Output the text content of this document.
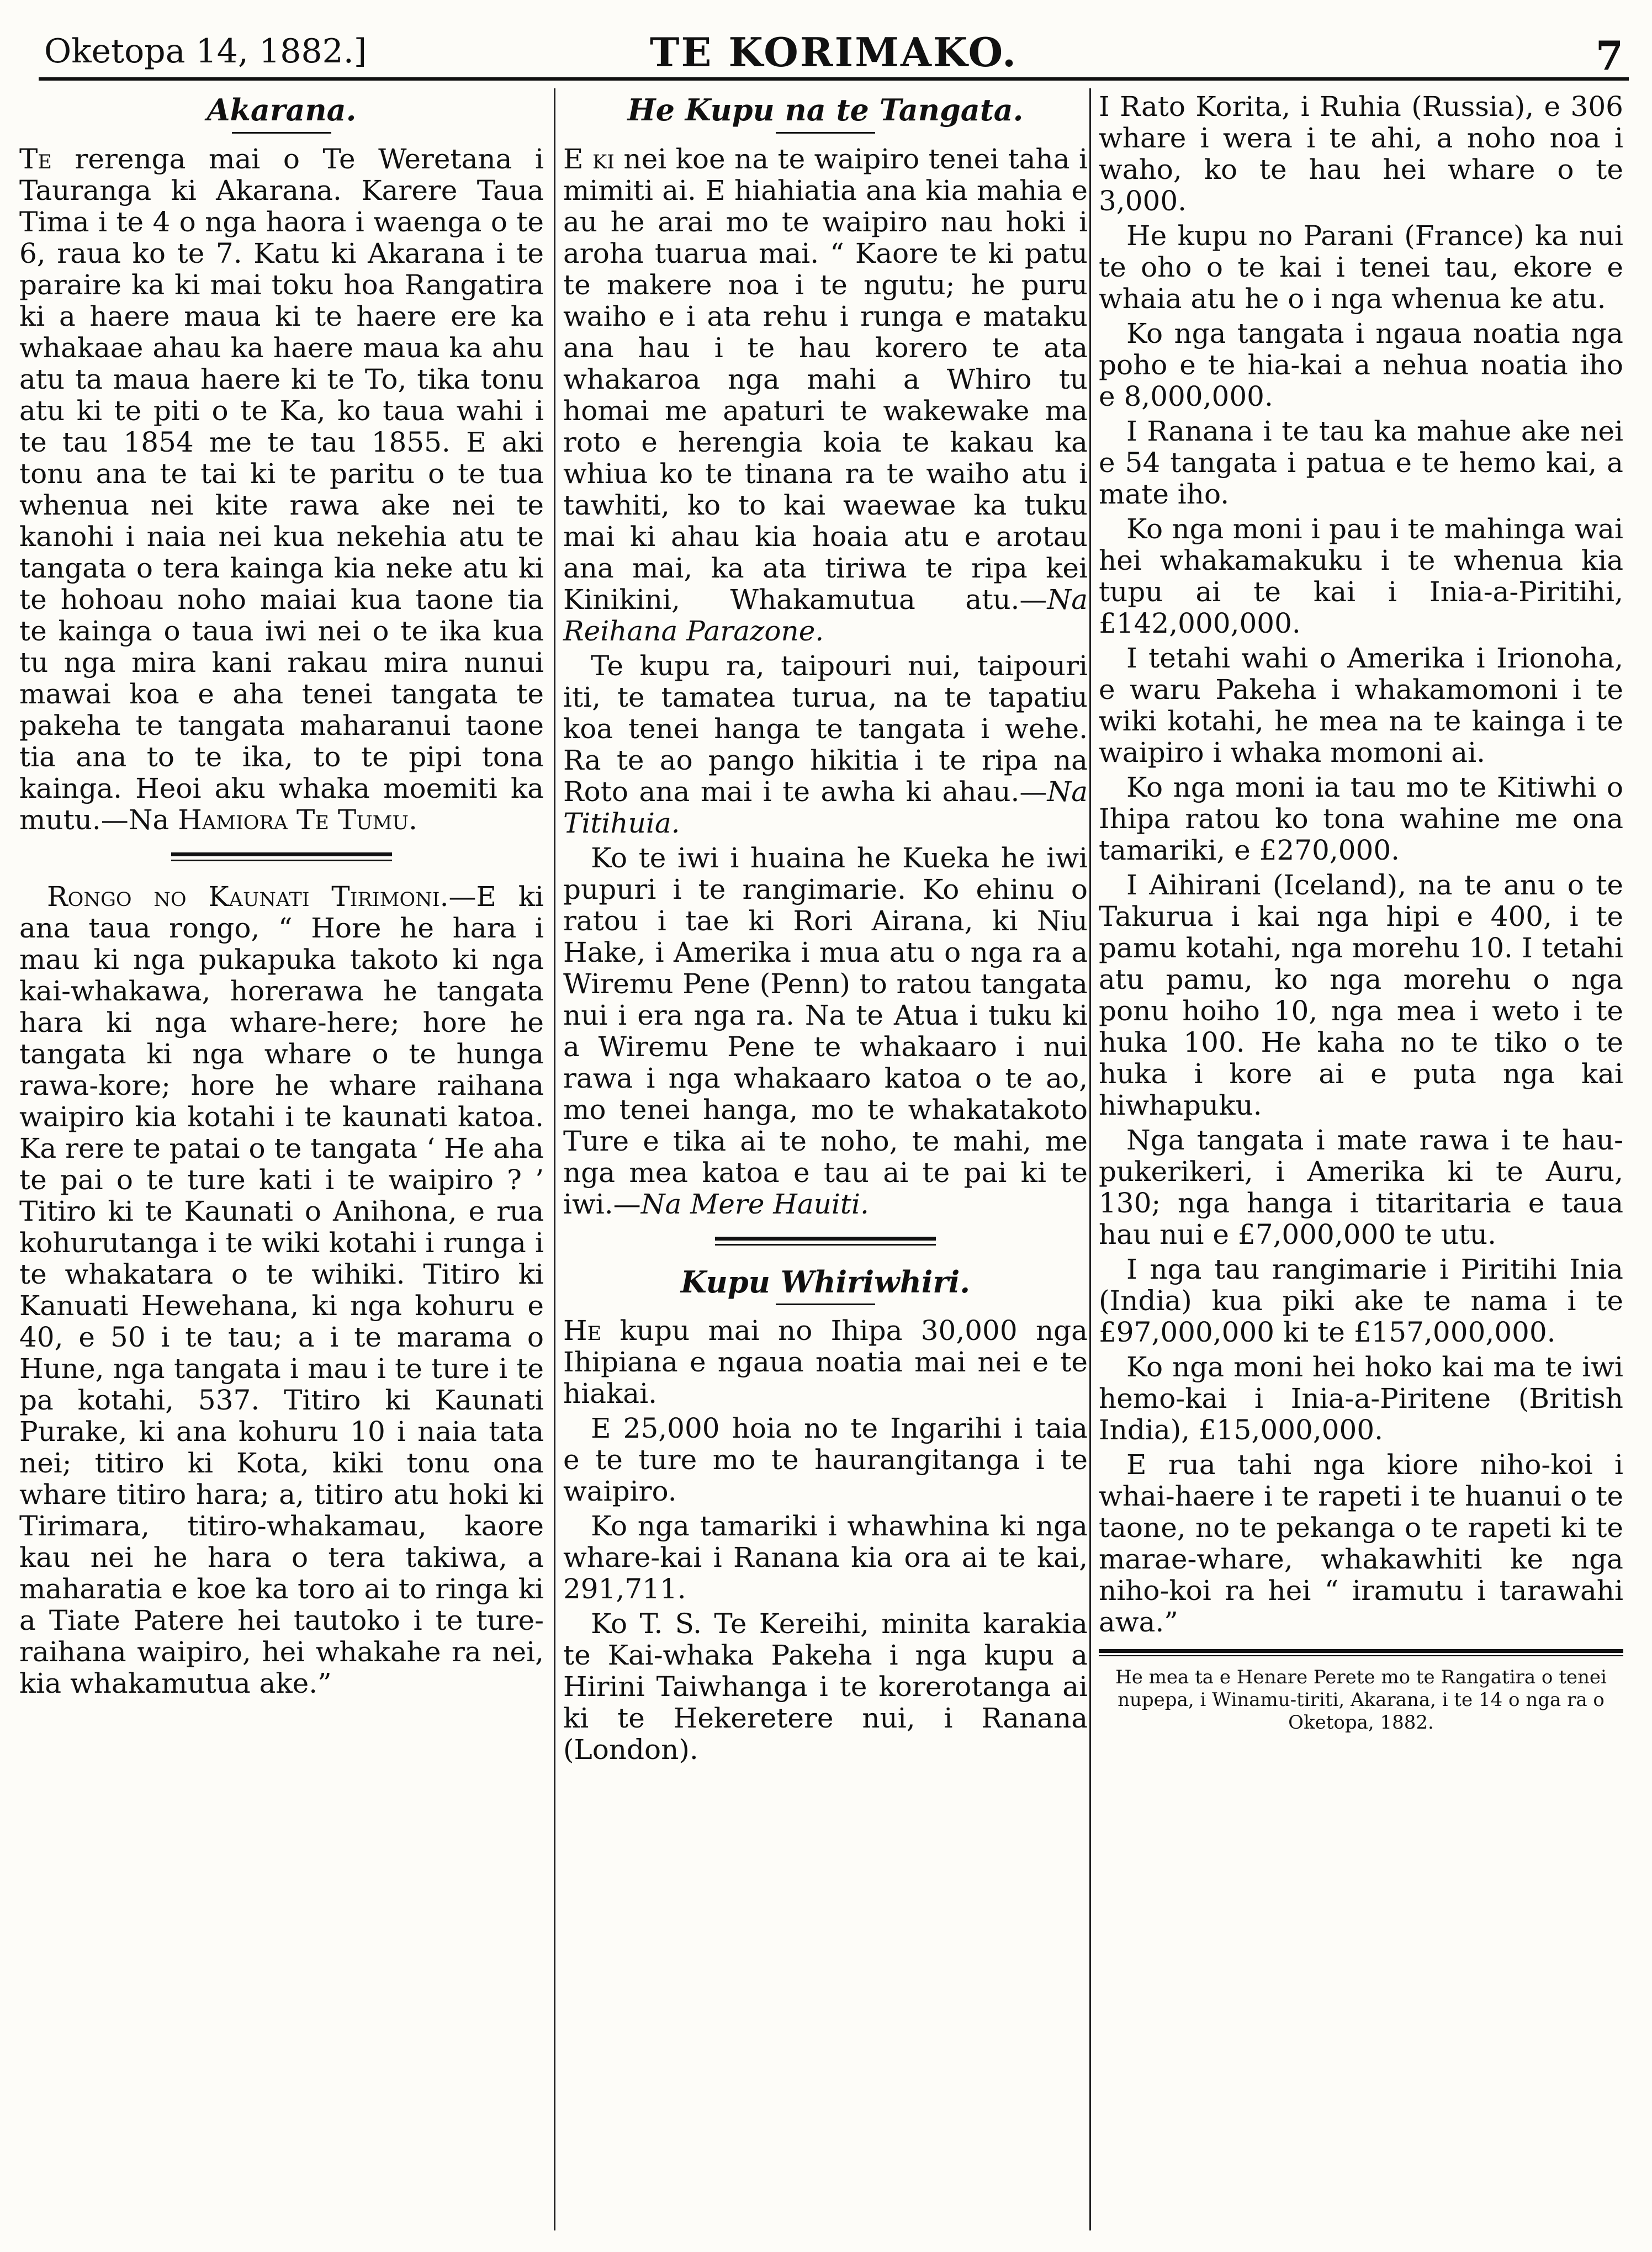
Oketopa 14, 1882.]	TE KORIMAKO.	7
Akarana.

Te rerenga mai o Te Weretana i Tauranga ki Akarana. Karere Taua Tima i te 4 o nga haora i waenga o te 6, raua ko te 7. Katu ki Akarana i te paraire ka ki mai toku hoa Rangatira ki a haere maua ki te haere ere ka whakaae ahau ka haere maua ka ahu atu ta maua haere ki te To, tika tonu atu ki te piti o te Ka, ko taua wahi i te tau 1854 me te tau 1855. E aki tonu ana te tai ki te paritu o te tua whenua nei kite rawa ake nei te kanohi i naia nei kua nekehia atu te tangata o tera kainga kia neke atu ki te hohoau noho maiai kua taone tia te kainga o taua iwi nei o te ika kua tu nga mira kani rakau mira nunui mawai koa e aha tenei tangata te pakeha te tangata maharanui taone tia ana to te ika, to te pipi tona kainga. Heoi aku whaka moemiti ka mutu.—Na Hamiora Te Tumu.

Rongo no Kaunati Tirimoni.—E ki ana taua rongo, “ Hore he hara i mau ki nga pukapuka takoto ki nga kai-whakawa, horerawa he tangata hara ki nga whare-here; hore he tangata ki nga whare o te hunga rawa-kore; hore he whare raihana waipiro kia kotahi i te kaunati katoa. Ka rere te patai o te tangata ‘ He aha te pai o te ture kati i te waipiro ? ’ Titiro ki te Kaunati o Anihona, e rua kohurutanga i te wiki kotahi i runga i te whakatara o te wihiki. Titiro ki Kanuati Hewehana, ki nga kohuru e 40, e 50 i te tau; a i te marama o Hune, nga tangata i mau i te ture i te pa kotahi, 537. Titiro ki Kaunati Purake, ki ana kohuru 10 i naia tata nei; titiro ki Kota, kiki tonu ona whare titiro hara; a, titiro atu hoki ki Tirimara, titiro-whakamau, kaore kau nei he hara o tera takiwa, a maharatia e koe ka toro ai to ringa ki a Tiate Patere hei tautoko i te ture-raihana waipiro, hei whakahe ra nei, kia whakamutua ake.”

He Kupu na te Tangata.

E ki nei koe na te waipiro tenei taha i mimiti ai. E hiahiatia ana kia mahia e au he arai mo te waipiro nau hoki i aroha tuarua mai. “ Kaore te ki patu te makere noa i te ngutu; he puru waiho e i ata rehu i runga e mataku ana hau i te hau korero te ata whakaroa nga mahi a Whiro tu homai me apaturi te wakewake ma roto e herengia koia te kakau ka whiua ko te tinana ra te waiho atu i tawhiti, ko to kai waewae ka tuku mai ki ahau kia hoaia atu e arotau ana mai, ka ata tiriwa te ripa kei Kinikini, Whakamutua atu.—Na Reihana Parazone.

Te kupu ra, taipouri nui, taipouri iti, te tamatea turua, na te tapatiu koa tenei hanga te tangata i wehe. Ra te ao pango hikitia i te ripa na Roto ana mai i te awha ki ahau.—Na Titihuia.

Ko te iwi i huaina he Kueka he iwi pupuri i te rangimarie. Ko ehinu o ratou i tae ki Rori Airana, ki Niu Hake, i Amerika i mua atu o nga ra a Wiremu Pene (Penn) to ratou tangata nui i era nga ra. Na te Atua i tuku ki a Wiremu Pene te whakaaro i nui rawa i nga whakaaro katoa o te ao, mo tenei hanga, mo te whakatakoto Ture e tika ai te noho, te mahi, me nga mea katoa e tau ai te pai ki te iwi.—Na Mere Hauiti.

Kupu Whiriwhiri.

He kupu mai no Ihipa 30,000 nga Ihipiana e ngaua noatia mai nei e te hiakai.

E 25,000 hoia no te Ingarihi i taia e te ture mo te haurangitanga i te waipiro.

Ko nga tamariki i whawhina ki nga whare-kai i Ranana kia ora ai te kai, 291,711.

Ko T. S. Te Kereihi, minita karakia te Kai-whaka Pakeha i nga kupu a Hirini Taiwhanga i te korerotanga ai ki te Hekeretere nui, i Ranana (London).

I Rato Korita, i Ruhia (Russia), e 306 whare i wera i te ahi, a noho noa i waho, ko te hau hei whare o te 3,000.

He kupu no Parani (France) ka nui te oho o te kai i tenei tau, ekore e whaia atu he o i nga whenua ke atu.

Ko nga tangata i ngaua noatia nga poho e te hia-kai a nehua noatia iho e 8,000,000.

I Ranana i te tau ka mahue ake nei e 54 tangata i patua e te hemo kai, a mate iho.

Ko nga moni i pau i te mahinga wai hei whakamakuku i te whenua kia tupu ai te kai i Inia-a-Piritihi, £142,000,000.

I tetahi wahi o Amerika i Irionoha, e waru Pakeha i whakamomoni i te wiki kotahi, he mea na te kainga i te waipiro i whaka momoni ai.

Ko nga moni ia tau mo te Kitiwhi o Ihipa ratou ko tona wahine me ona tamariki, e £270,000.

I Aihirani (Iceland), na te anu o te Takurua i kai nga hipi e 400, i te pamu kotahi, nga morehu 10. I tetahi atu pamu, ko nga morehu o nga ponu hoiho 10, nga mea i weto i te huka 100. He kaha no te tiko o te huka i kore ai e puta nga kai hiwhapuku.

Nga tangata i mate rawa i te hau-pukerikeri, i Amerika ki te Auru, 130; nga hanga i titaritaria e taua hau nui e £7,000,000 te utu.

I nga tau rangimarie i Piritihi Inia (India) kua piki ake te nama i te £97,000,000 ki te £157,000,000.

Ko nga moni hei hoko kai ma te iwi hemo-kai i Inia-a-Piritene (British India), £15,000,000.

E rua tahi nga kiore niho-koi i whai-haere i te rapeti i te huanui o te taone, no te pekanga o te rapeti ki te marae-whare, whakawhiti ke nga niho-koi ra hei “ iramutu i tarawahi awa.”

He mea ta e Henare Perete mo te Rangatira o tenei nupepa, i Winamu-tiriti, Akarana, i te 14 o nga ra o Oketopa, 1882.
